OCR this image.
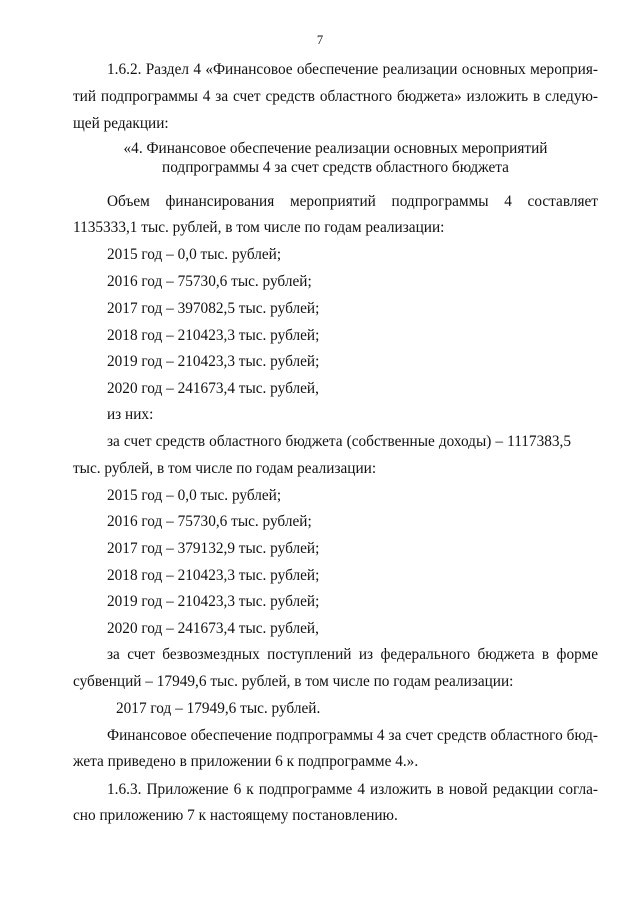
7
1.6.2. Раздел 4 «Финансовое обеспечение реализации основных мероприя-
тий подпрограммы 4 за счет средств областного бюджета» изложить в следую-
щей редакции:
«4. Финансовое обеспечение реализации основных мероприятий
подпрограммы 4 за счет средств областного бюджета
Объем финансирования мероприятий подпрограммы 4 составляет
1135333,1 тыс. рублей, в том числе по годам реализации:
2015 год – 0,0 тыс. рублей;
2016 год – 75730,6 тыс. рублей;
2017 год – 397082,5 тыс. рублей;
2018 год – 210423,3 тыс. рублей;
2019 год – 210423,3 тыс. рублей;
2020 год – 241673,4 тыс. рублей,
из них:
за счет средств областного бюджета (собственные доходы) – 1117383,5
тыс. рублей, в том числе по годам реализации:
2015 год – 0,0 тыс. рублей;
2016 год – 75730,6 тыс. рублей;
2017 год – 379132,9 тыс. рублей;
2018 год – 210423,3 тыс. рублей;
2019 год – 210423,3 тыс. рублей;
2020 год – 241673,4 тыс. рублей,
за счет безвозмездных поступлений из федерального бюджета в форме
субвенций – 17949,6 тыс. рублей, в том числе по годам реализации:
2017 год – 17949,6 тыс. рублей.
Финансовое обеспечение подпрограммы 4 за счет средств областного бюд-
жета приведено в приложении 6 к подпрограмме 4.».
1.6.3. Приложение 6 к подпрограмме 4 изложить в новой редакции согла-
сно приложению 7 к настоящему постановлению.
